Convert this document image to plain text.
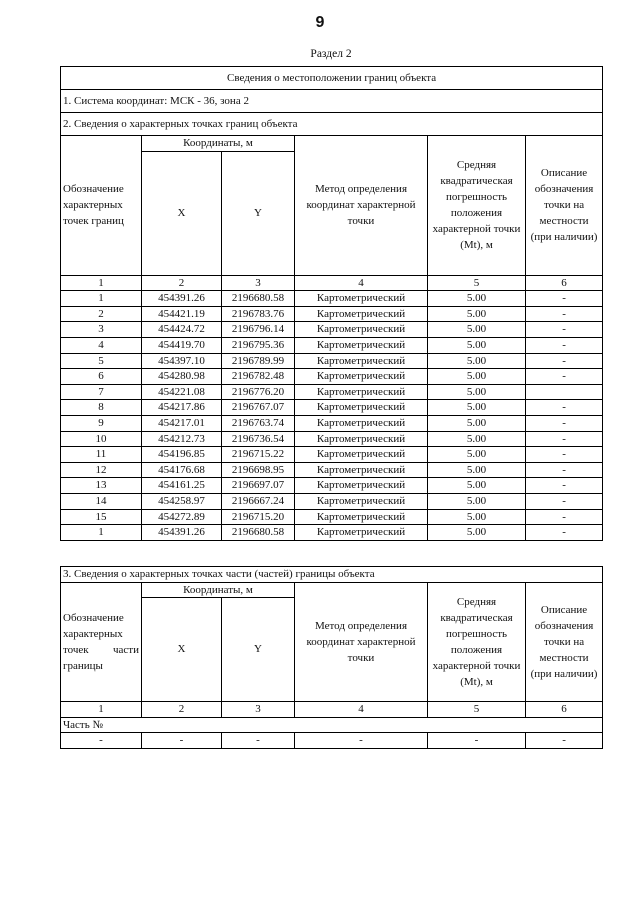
9
Раздел 2
Сведения о местоположении границ объекта					
1. Система координат: МСК - 36, зона 2					
2. Сведения о характерных точках границ объекта					
Обозначение характерных точек границ	Координаты, м		Метод определения координат характерной точки	Средняя квадратическая погрешность положения характерной точки (Mt), м	Описание обозначения точки на местности (при наличии)
	X	Y			
1	2	3	4	5	6
1	454391.26	2196680.58	Картометрический	5.00	-
2	454421.19	2196783.76	Картометрический	5.00	-
3	454424.72	2196796.14	Картометрический	5.00	-
4	454419.70	2196795.36	Картометрический	5.00	-
5	454397.10	2196789.99	Картометрический	5.00	-
6	454280.98	2196782.48	Картометрический	5.00	-
7	454221.08	2196776.20	Картометрический	5.00	
8	454217.86	2196767.07	Картометрический	5.00	-
9	454217.01	2196763.74	Картометрический	5.00	-
10	454212.73	2196736.54	Картометрический	5.00	-
11	454196.85	2196715.22	Картометрический	5.00	-
12	454176.68	2196698.95	Картометрический	5.00	-
13	454161.25	2196697.07	Картометрический	5.00	-
14	454258.97	2196667.24	Картометрический	5.00	-
15	454272.89	2196715.20	Картометрический	5.00	-
1	454391.26	2196680.58	Картометрический	5.00	-
3. Сведения о характерных точках части (частей) границы объекта					
Обозначение характерных точек части границы	Координаты, м		Метод определения координат характерной точки	Средняя квадратическая погрешность положения характерной точки (Mt), м	Описание обозначения точки на местности (при наличии)
	X	Y			
1	2	3	4	5	6
Часть №					
-	-	-	-	-	-
